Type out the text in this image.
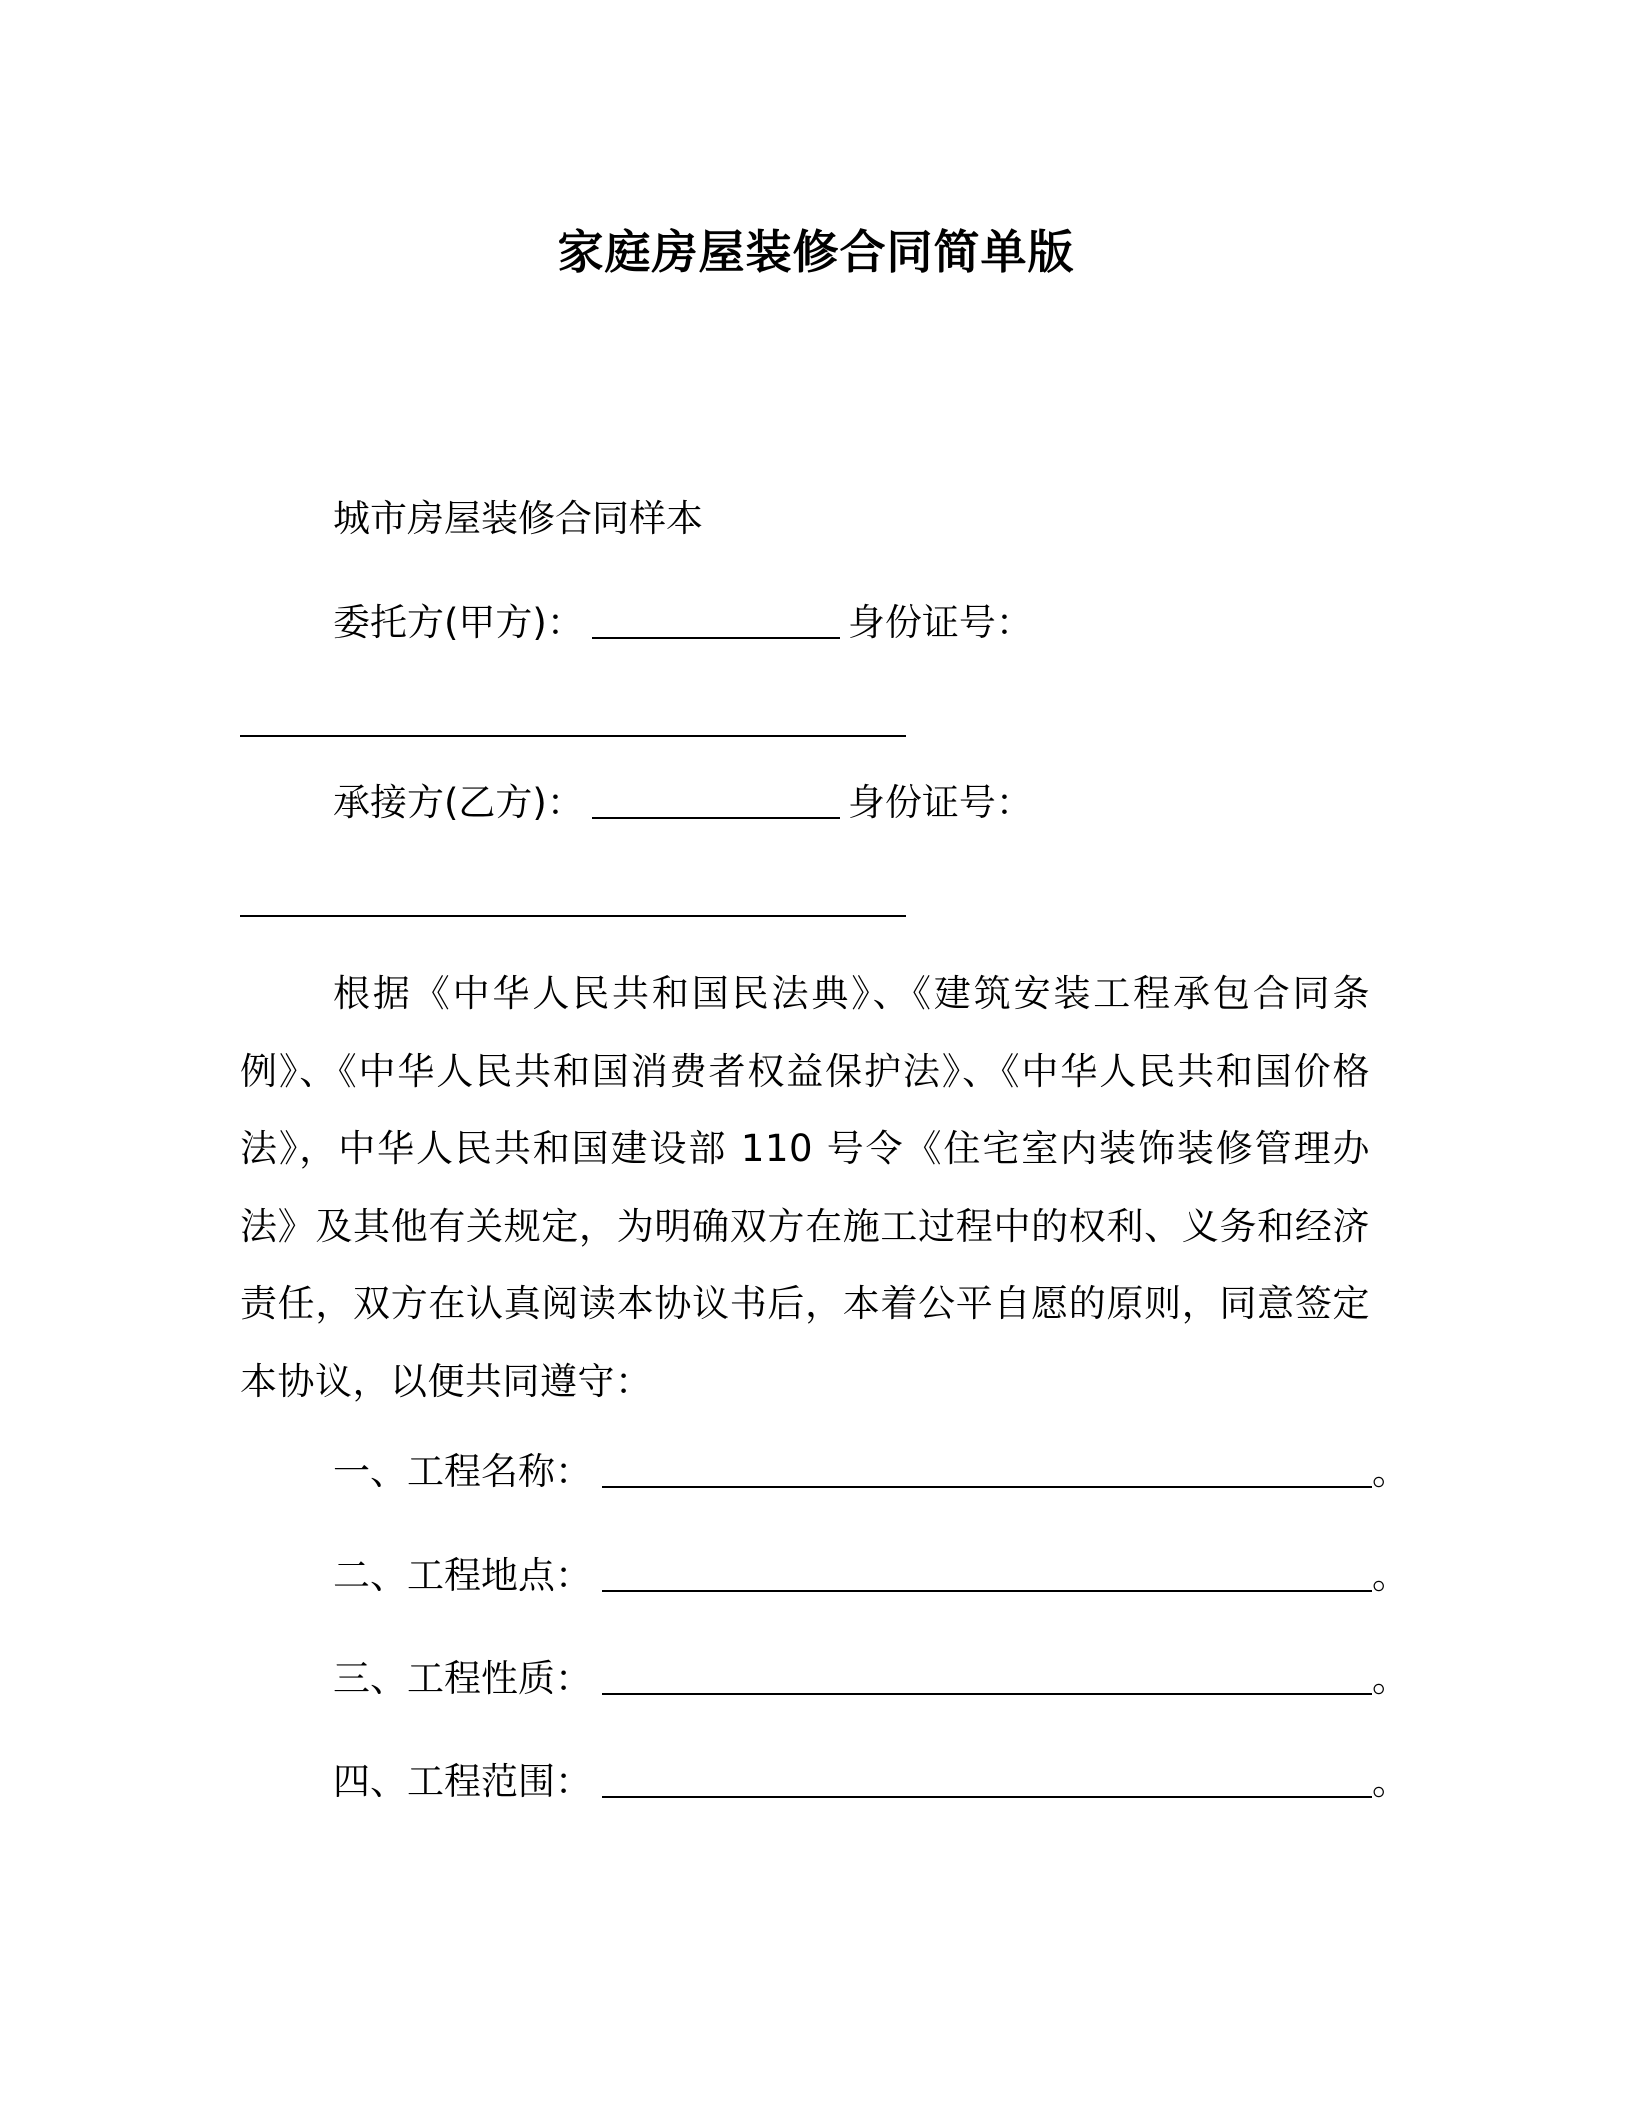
家庭房屋装修合同简单版
城市房屋装修合同样本
委托方(甲方)：	身份证号：
承接方(乙方)：	身份证号：
根据《中华人民共和国民法典》、《建筑安装工程承包合同条例》、《中华人民共和国消费者权益保护法》、《中华人民共和国价格法》，中华人民共和国建设部 110 号令《住宅室内装饰装修管理办法》及其他有关规定，为明确双方在施工过程中的权利、义务和经济责任，双方在认真阅读本协议书后，本着公平自愿的原则，同意签定本协议，以便共同遵守：
一、工程名称：	。
二、工程地点：	。
三、工程性质：	。
四、工程范围：	。
